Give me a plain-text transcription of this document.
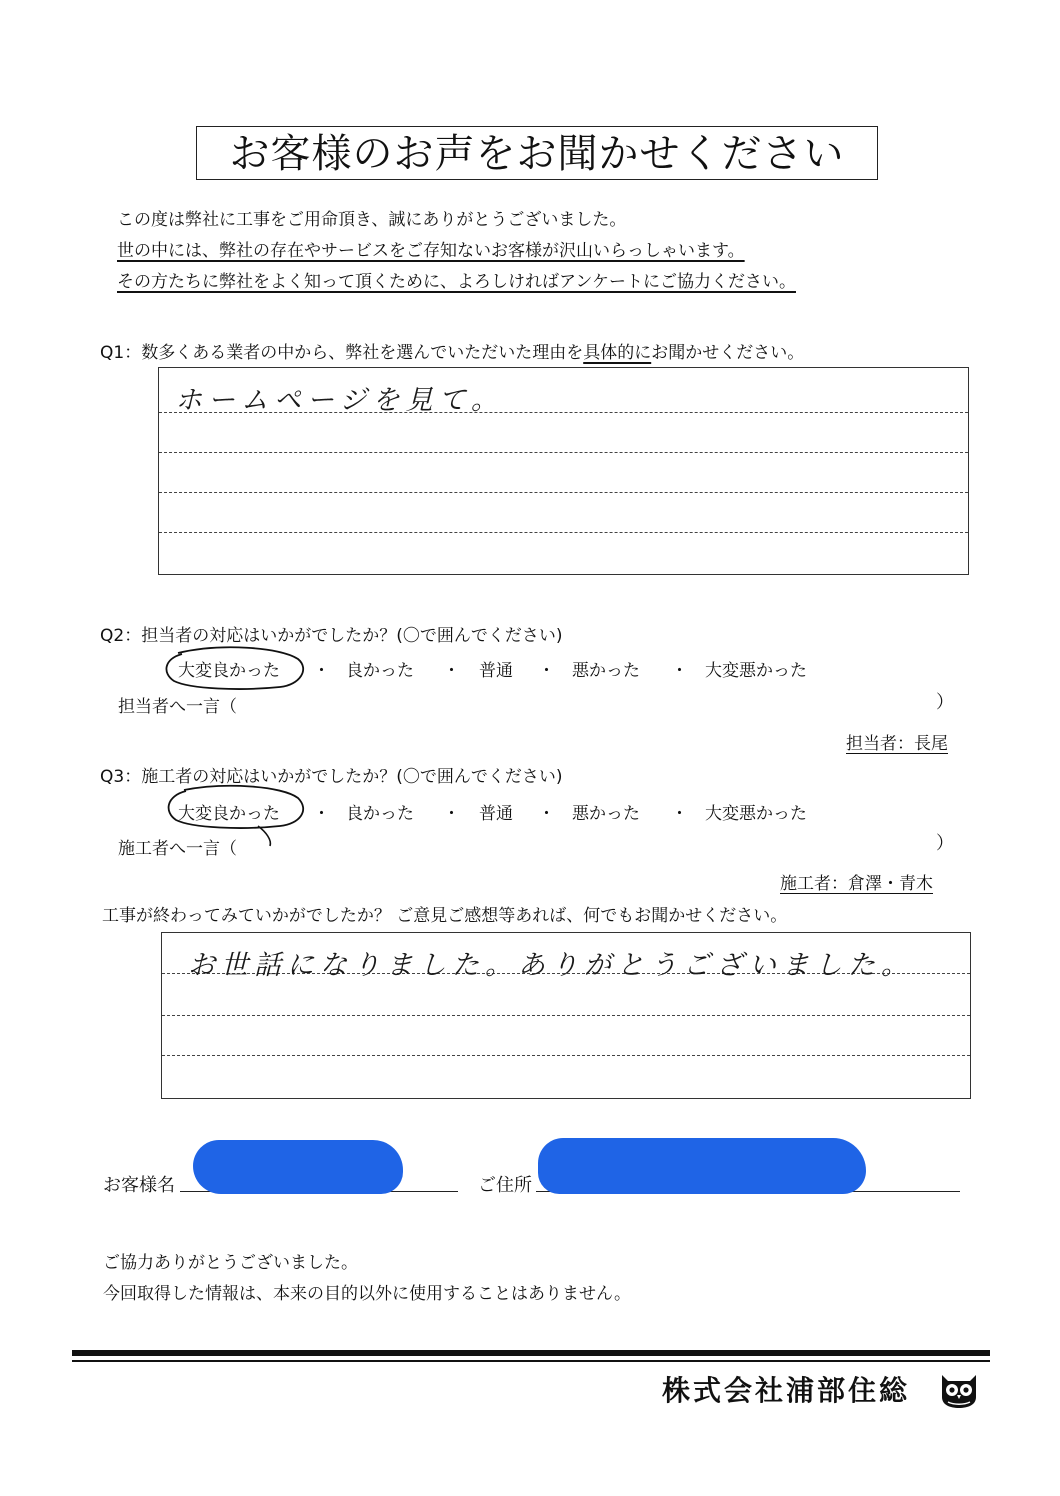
お客様のお声をお聞かせください
この度は弊社に工事をご用命頂き、誠にありがとうございました。
世の中には、弊社の存在やサービスをご存知ないお客様が沢山いらっしゃいます。
その方たちに弊社をよく知って頂くために、よろしければアンケートにご協力ください。
Q1：数多くある業者の中から、弊社を選んでいただいた理由を具体的にお聞かせください。
ホームページを見て。
Q2：担当者の対応はいかがでしたか？(〇で囲んでください)
大変良かった ・ 良かった ・ 普通 ・ 悪かった ・ 大変悪かった
担当者へ一言（	）
担当者：長尾
Q3：施工者の対応はいかがでしたか？(〇で囲んでください)
大変良かった ・ 良かった ・ 普通 ・ 悪かった ・ 大変悪かった
施工者へ一言（	）
施工者：倉澤・青木
工事が終わってみていかがでしたか？ ご意見ご感想等あれば、何でもお聞かせください。
お世話になりました。ありがとうございました。
お客様名	ご住所
ご協力ありがとうございました。
今回取得した情報は、本来の目的以外に使用することはありません。
株式会社浦部住総
